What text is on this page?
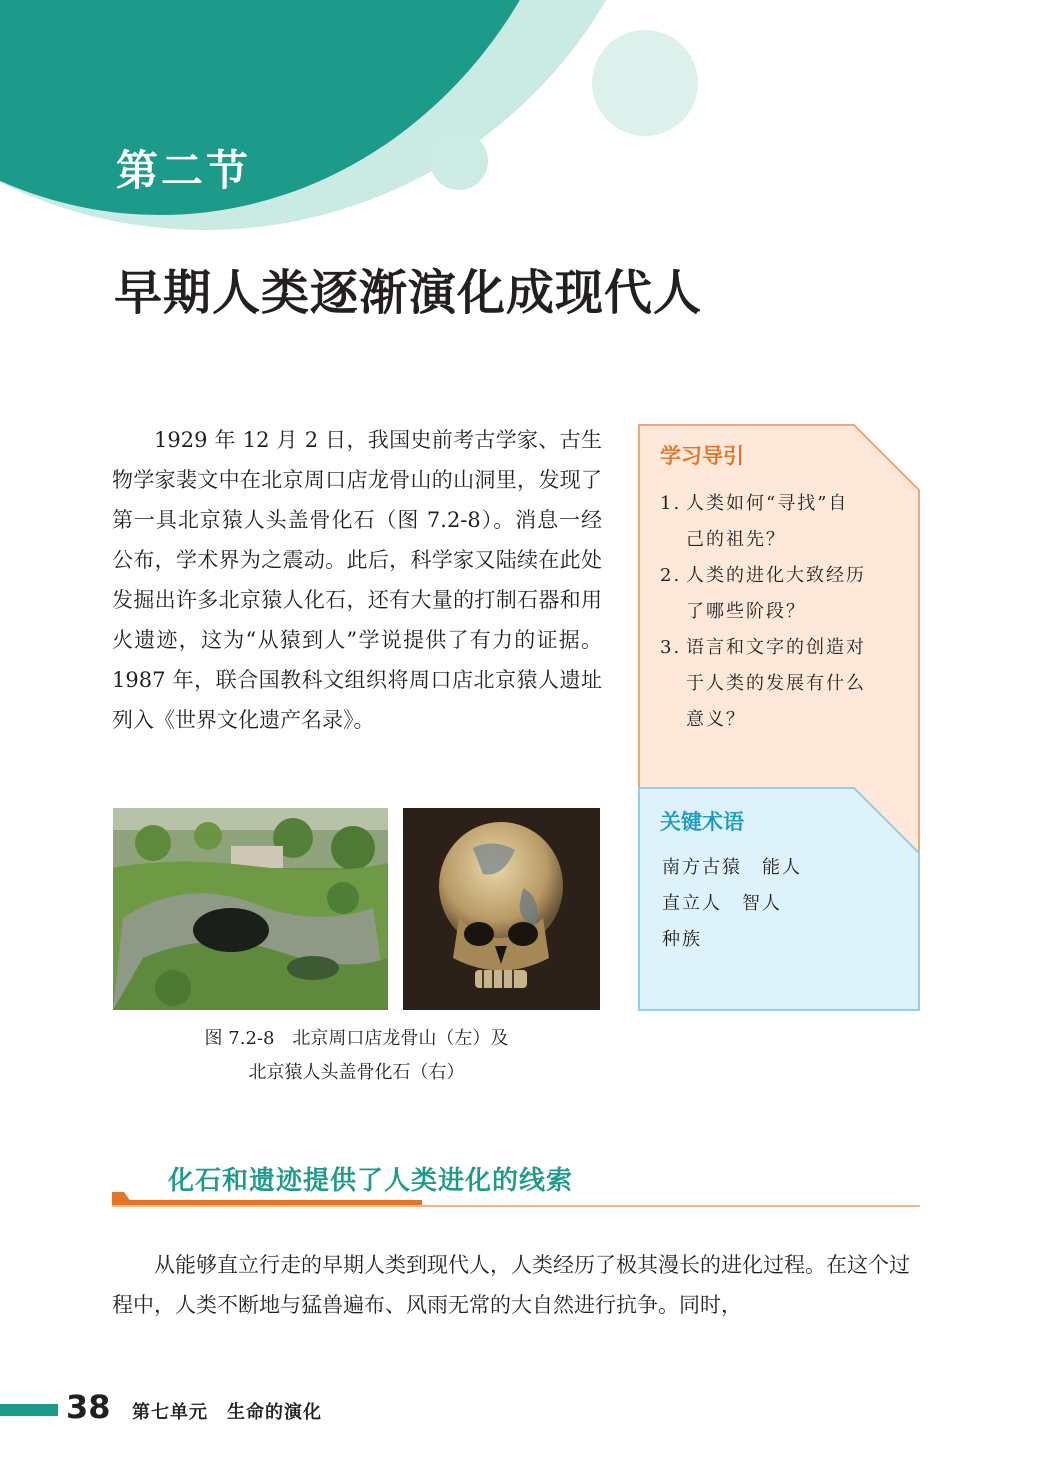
第二节
早期人类逐渐演化成现代人
1929 年 12 月 2 日，我国史前考古学家、古生物学家裴文中在北京周口店龙骨山的山洞里，发现了第一具北京猿人头盖骨化石（图 7.2-8）。消息一经公布，学术界为之震动。此后，科学家又陆续在此处发掘出许多北京猿人化石，还有大量的打制石器和用火遗迹，这为“从猿到人”学说提供了有力的证据。1987 年，联合国教科文组织将周口店北京猿人遗址列入《世界文化遗产名录》。
图 7.2-8　北京周口店龙骨山（左）及
北京猿人头盖骨化石（右）
学习导引
1. 人类如何“寻找”自
己的祖先？
2. 人类的进化大致经历
了哪些阶段？
3. 语言和文字的创造对
于人类的发展有什么
意义？
关键术语
南方古猿　能人
直立人　智人
种族
化石和遗迹提供了人类进化的线索

从能够直立行走的早期人类到现代人，人类经历了极其漫长的进化过程。在这个过程中，人类不断地与猛兽遍布、风雨无常的大自然进行抗争。同时，

38 第七单元　生命的演化
